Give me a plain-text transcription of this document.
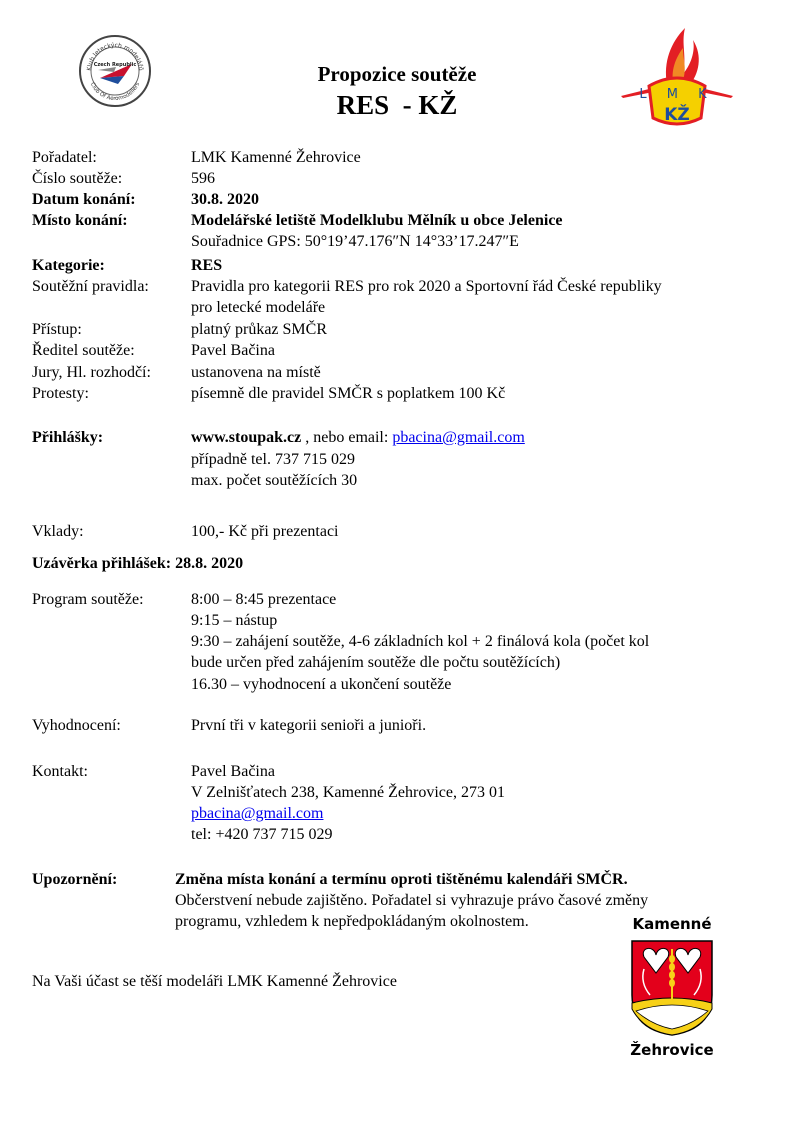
Klub leteckých modelářů
Club Of Aeromodellers
Czech Republic	Propozice soutěže
RES  - KŽ	L M K
KŽ
Pořadatel:	LMK Kamenné Žehrovice
Číslo soutěže:	596
Datum konání:	30.8. 2020
Místo konání:	Modelářské letiště Modelklubu Mělník u obce Jelenice
Souřadnice GPS: 50°19’47.176″N 14°33’17.247″E
Kategorie:	RES
Soutěžní pravidla:	Pravidla pro kategorii RES pro rok 2020 a Sportovní řád České republiky
pro letecké modeláře
Přístup:	platný průkaz SMČR
Ředitel soutěže:	Pavel Bačina
Jury, Hl. rozhodčí:	ustanovena na místě
Protesty:	písemně dle pravidel SMČR s poplatkem 100 Kč
Přihlášky:	www.stoupak.cz , nebo email: pbacina@gmail.com
případně tel. 737 715 029
max. počet soutěžících 30
Vklady:	100,- Kč při prezentaci
Uzávěrka přihlášek: 28.8. 2020
Program soutěže:	8:00 – 8:45 prezentace
9:15 – nástup
9:30 – zahájení soutěže, 4-6 základních kol + 2 finálová kola (počet kol
bude určen před zahájením soutěže dle počtu soutěžících)
16.30 – vyhodnocení a ukončení soutěže
Vyhodnocení:	První tři v kategorii senioři a junioři.
Kontakt:	Pavel Bačina
V Zelnišťatech 238, Kamenné Žehrovice, 273 01
pbacina@gmail.com
tel: +420 737 715 029
Upozornění:	Změna místa konání a termínu oproti tištěnému kalendáři SMČR.
Občerstvení nebude zajištěno. Pořadatel si vyhrazuje právo časové změny
programu, vzhledem k nepředpokládaným okolnostem.
Na Vaši účast se těší modeláři LMK Kamenné Žehrovice
Kamenné
Žehrovice
